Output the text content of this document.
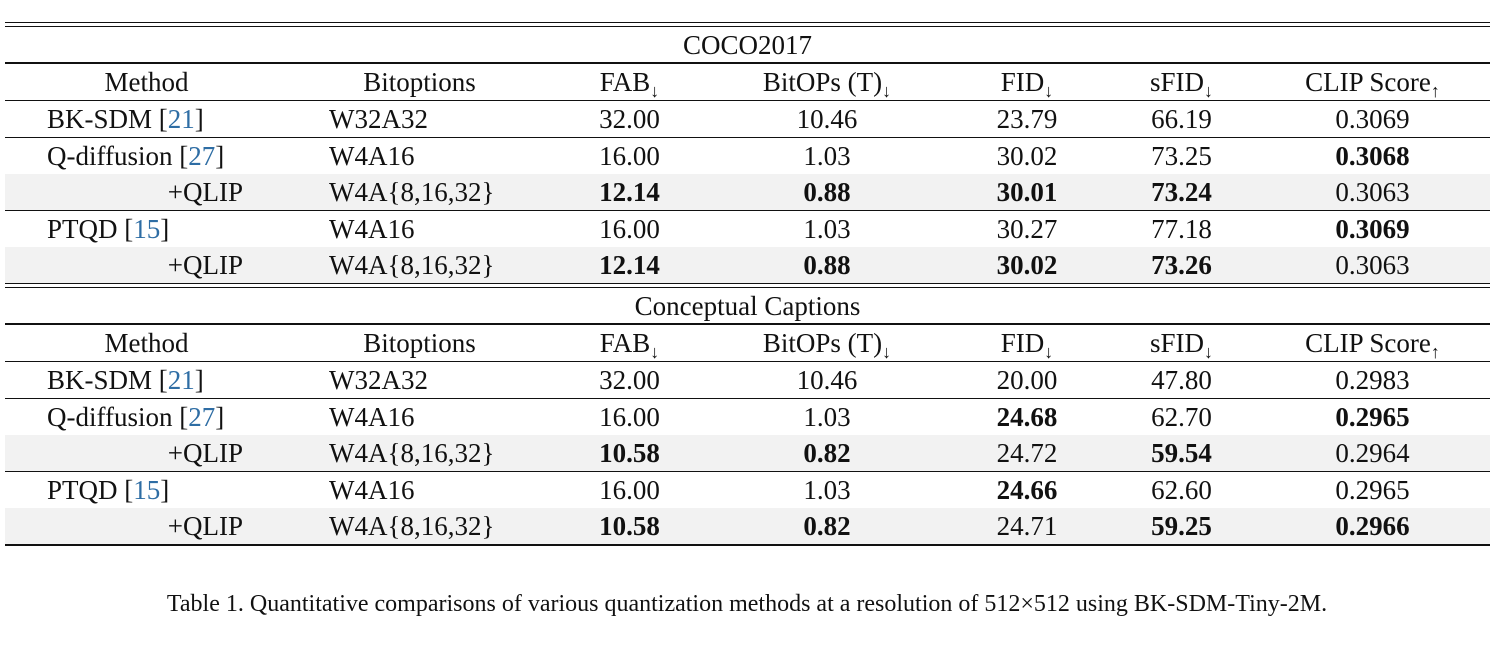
COCO2017
Method	Bitoptions	$FAB_↓$	BitOPs $(T)_↓$	$FID_↓$	sFID$_↓$	CLIP Score$_↑$
BK-SDM [21]	W32A32	32.00	10.46	23.79	66.19	0.3069
Q-diffusion [27]	W4A16	16.00	1.03	30.02	73.25	0.3068
+QLIP	W4A{8,16,32}	12.14	0.88	30.01	73.24	0.3063
PTQD [15]	W4A16	16.00	1.03	30.27	77.18	0.3069
+QLIP	W4A{8,16,32}	12.14	0.88	30.02	73.26	0.3063
Conceptual Captions
Method	Bitoptions	$FAB_↓$	BitOPs $(T)_↓$	$FID_↓$	sFID$_↓$	CLIP Score$_↑$
BK-SDM [21]	W32A32	32.00	10.46	20.00	47.80	0.2983
Q-diffusion [27]	W4A16	16.00	1.03	24.68	62.70	0.2965
+QLIP	W4A{8,16,32}	10.58	0.82	24.72	59.54	0.2964
PTQD [15]	W4A16	16.00	1.03	24.66	62.60	0.2965
+QLIP	W4A{8,16,32}	10.58	0.82	24.71	59.25	0.2966
Table 1. Quantitative comparisons of various quantization methods at a resolution of 512×512 using BK-SDM-Tiny-2M.
